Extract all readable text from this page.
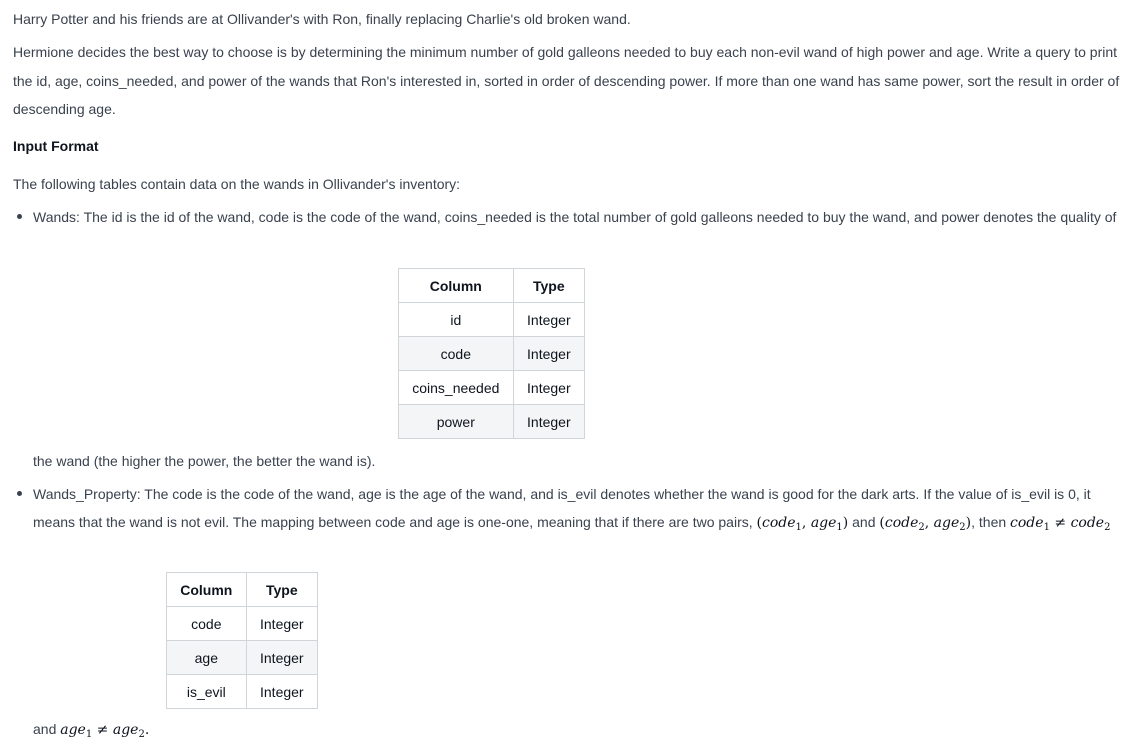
Harry Potter and his friends are at Ollivander's with Ron, finally replacing Charlie's old broken wand.

Hermione decides the best way to choose is by determining the minimum number of gold galleons needed to buy each non-evil wand of high power and age. Write a query to print

the id, age, coins_needed, and power of the wands that Ron's interested in, sorted in order of descending power. If more than one wand has same power, sort the result in order of

descending age.

Input Format

The following tables contain data on the wands in Ollivander's inventory:

Wands: The id is the id of the wand, code is the code of the wand, coins_needed is the total number of gold galleons needed to buy the wand, and power denotes the quality of

Column	Type
id	Integer
code	Integer
coins_needed	Integer
power	Integer

the wand (the higher the power, the better the wand is).

Wands_Property: The code is the code of the wand, age is the age of the wand, and is_evil denotes whether the wand is good for the dark arts. If the value of is_evil is 0, it

means that the wand is not evil. The mapping between code and age is one-one, meaning that if there are two pairs, (code$_1$, age$_1$) and (code$_2$, age$_2$), then code$_1$ ≠ code$_2$

Column	Type
code	Integer
age	Integer
is_evil	Integer

and age$_1$ ≠ age$_2$.
